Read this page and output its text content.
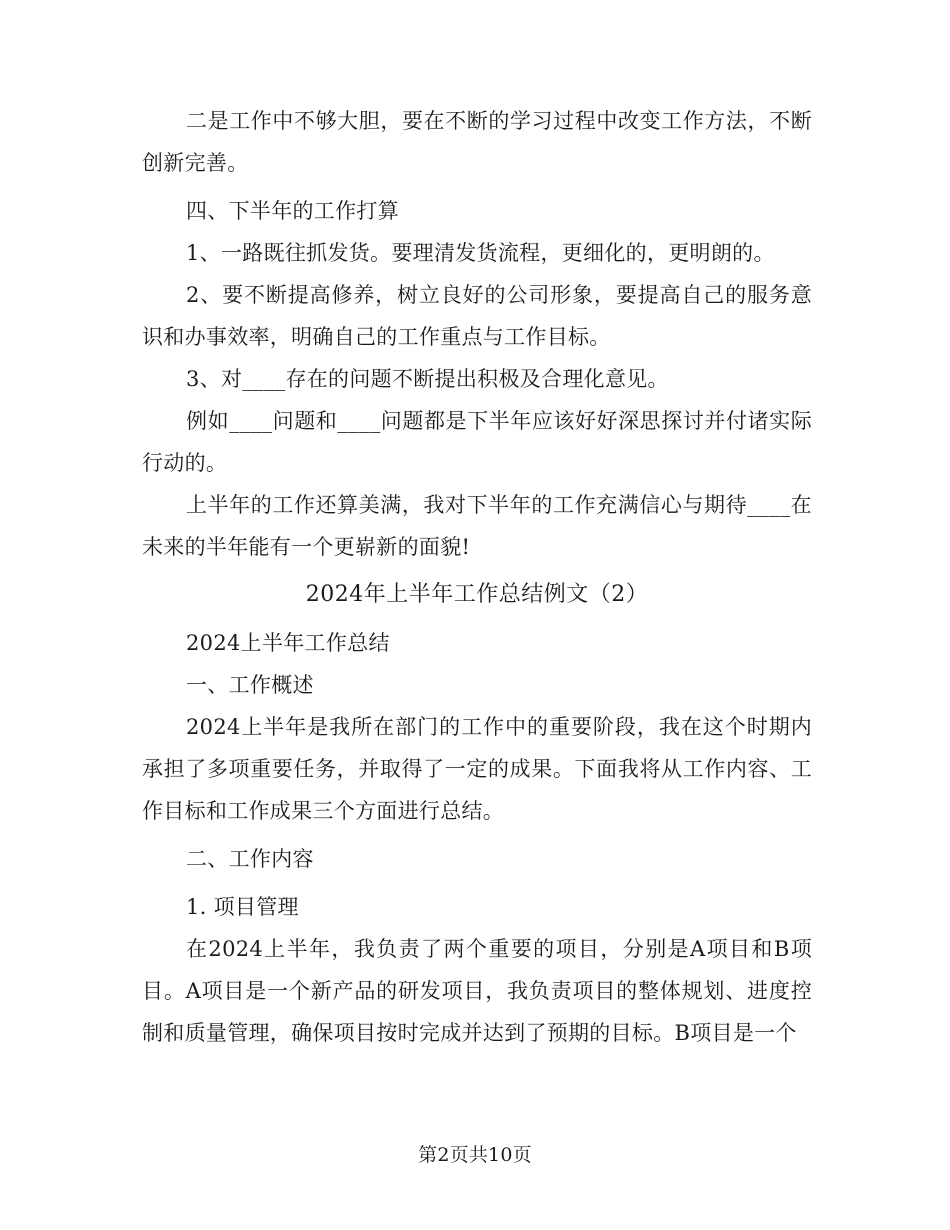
二是工作中不够大胆，要在不断的学习过程中改变工作方法，不断创新完善。

四、下半年的工作打算

1、一路既往抓发货。要理清发货流程，更细化的，更明朗的。

2、要不断提高修养，树立良好的公司形象，要提高自己的服务意识和办事效率，明确自己的工作重点与工作目标。

3、对____存在的问题不断提出积极及合理化意见。

例如____问题和____问题都是下半年应该好好深思探讨并付诸实际行动的。

上半年的工作还算美满，我对下半年的工作充满信心与期待____在未来的半年能有一个更崭新的面貌!

2024年上半年工作总结例文（2）

2024上半年工作总结

一、工作概述

2024上半年是我所在部门的工作中的重要阶段，我在这个时期内承担了多项重要任务，并取得了一定的成果。下面我将从工作内容、工作目标和工作成果三个方面进行总结。

二、工作内容

1. 项目管理

在2024上半年，我负责了两个重要的项目，分别是A项目和B项目。A项目是一个新产品的研发项目，我负责项目的整体规划、进度控制和质量管理，确保项目按时完成并达到了预期的目标。B项目是一个

第2页共10页
